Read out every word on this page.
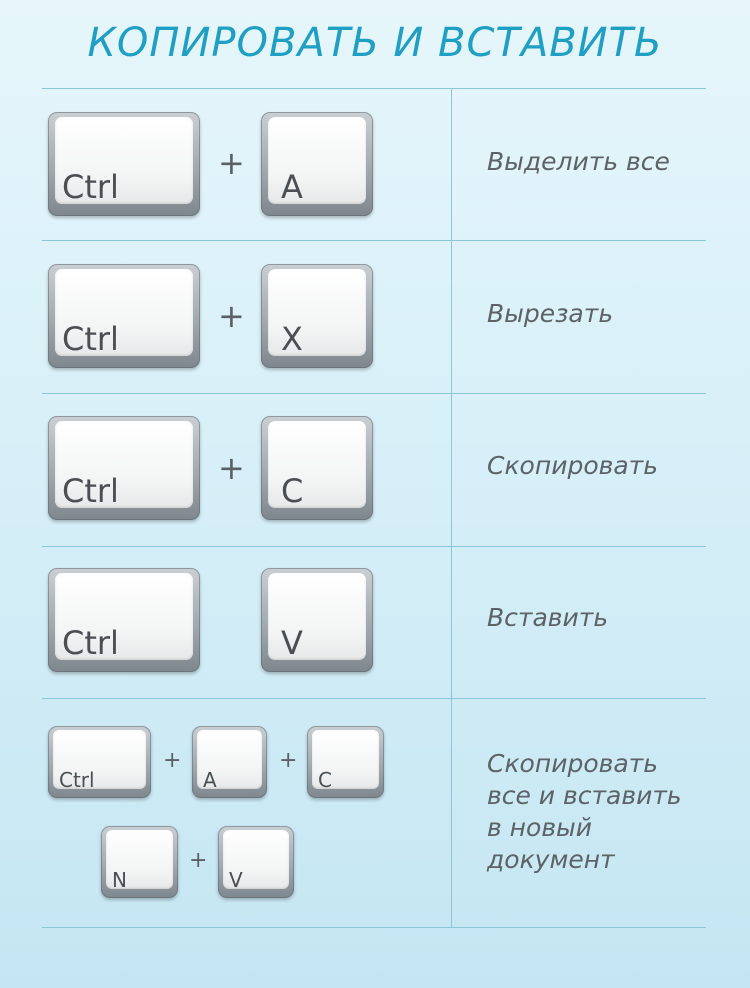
КОПИРОВАТЬ И ВСТАВИТЬ
Ctrl
+
A
Выделить все
Ctrl
+
X
Вырезать
Ctrl
+
C
Скопировать
Ctrl	V
Вставить
Ctrl
+
A
+
C
N
+
V
Скопировать
все и вставить
в новый
документ
